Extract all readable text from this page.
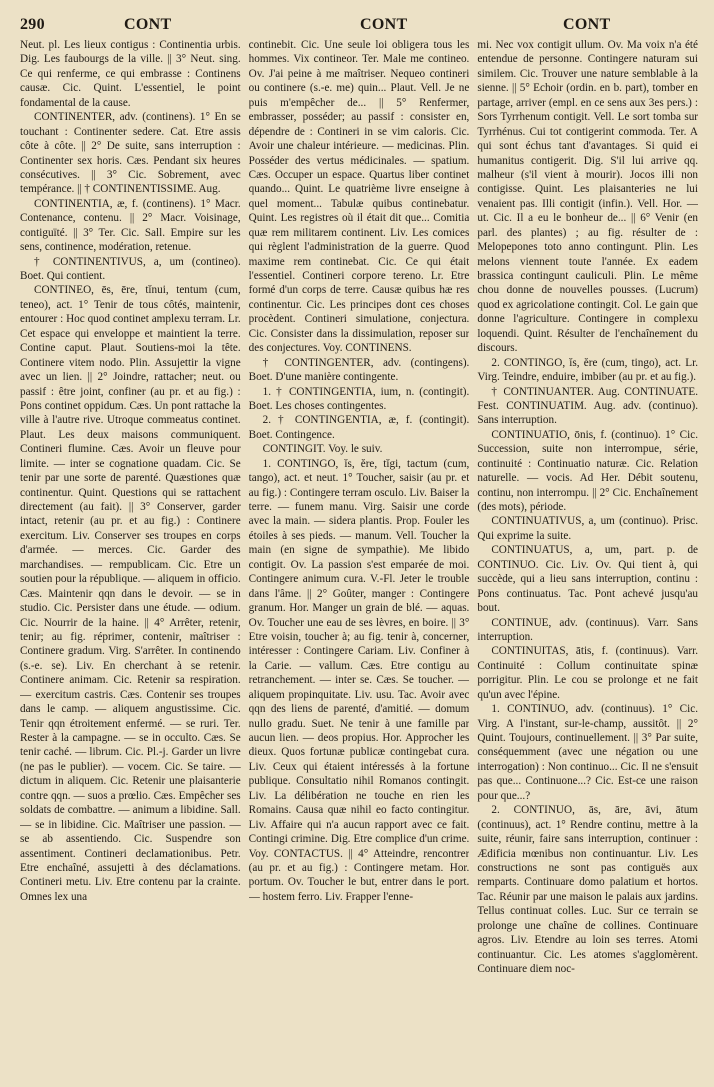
290	CONT	CONT	CONT

Neut. pl. Les lieux contigus : Continentia urbis. Dig. Les faubourgs de la ville. || 3° Neut. sing. Ce qui renferme, ce qui embrasse : Continens causæ. Cic. Quint. L'essentiel, le point fondamental de la cause.

CONTINENTER, adv. (continens). 1° En se touchant : Continenter sedere. Cat. Etre assis côte à côte. || 2° De suite, sans interruption : Continenter sex horis. Cæs. Pendant six heures consécutives. || 3° Cic. Sobrement, avec tempérance. || † CONTINENTISSIME. Aug.

CONTINENTIA, æ, f. (continens). 1° Macr. Contenance, contenu. || 2° Macr. Voisinage, contiguïté. || 3° Ter. Cic. Sall. Empire sur les sens, continence, modération, retenue.

† CONTINENTIVUS, a, um (contineo). Boet. Qui contient.

CONTINEO, ēs, ēre, tĭnui, tentum (cum, teneo), act. 1° Tenir de tous côtés, maintenir, entourer : Hoc quod continet amplexu terram. Lr. Cet espace qui enveloppe et maintient la terre. Contine caput. Plaut. Soutiens-moi la tête. Continere vitem nodo. Plin. Assujettir la vigne avec un lien. || 2° Joindre, rattacher; neut. ou passif : être joint, confiner (au pr. et au fig.) : Pons continet oppidum. Cæs. Un pont rattache la ville à l'autre rive. Utroque commeatus continet. Plaut. Les deux maisons communiquent. Contineri flumine. Cæs. Avoir un fleuve pour limite. — inter se cognatione quadam. Cic. Se tenir par une sorte de parenté. Quæstiones quæ continentur. Quint. Questions qui se rattachent directement (au fait). || 3° Conserver, garder intact, retenir (au pr. et au fig.) : Continere exercitum. Liv. Conserver ses troupes en corps d'armée. — merces. Cic. Garder des marchandises. — rempublicam. Cic. Etre un soutien pour la république. — aliquem in officio. Cæs. Maintenir qqn dans le devoir. — se in studio. Cic. Persister dans une étude. — odium. Cic. Nourrir de la haine. || 4° Arrêter, retenir, tenir; au fig. réprimer, contenir, maîtriser : Continere gradum. Virg. S'arrêter. In continendo (s.-e. se). Liv. En cherchant à se retenir. Continere animam. Cic. Retenir sa respiration. — exercitum castris. Cæs. Contenir ses troupes dans le camp. — aliquem angustissime. Cic. Tenir qqn étroitement enfermé. — se ruri. Ter. Rester à la campagne. — se in occulto. Cæs. Se tenir caché. — librum. Cic. Pl.-j. Garder un livre (ne pas le publier). — vocem. Cic. Se taire. — dictum in aliquem. Cic. Retenir une plaisanterie contre qqn. — suos a prœlio. Cæs. Empêcher ses soldats de combattre. — animum a libidine. Sall. — se in libidine. Cic. Maîtriser une passion. — se ab assentiendo. Cic. Suspendre son assentiment. Contineri declamationibus. Petr. Etre enchaîné, assujetti à des déclamations. Contineri metu. Liv. Etre contenu par la crainte. Omnes lex una

continebit. Cic. Une seule loi obligera tous les hommes. Vix contineor. Ter. Male me contineo. Ov. J'ai peine à me maîtriser. Nequeo contineri ou continere (s.-e. me) quin... Plaut. Vell. Je ne puis m'empêcher de... || 5° Renfermer, embrasser, posséder; au passif : consister en, dépendre de : Contineri in se vim caloris. Cic. Avoir une chaleur intérieure. — medicinas. Plin. Posséder des vertus médicinales. — spatium. Cæs. Occuper un espace. Quartus liber continet quando... Quint. Le quatrième livre enseigne à quel moment... Tabulæ quibus continebatur. Quint. Les registres où il était dit que... Comitia quæ rem militarem continent. Liv. Les comices qui règlent l'administration de la guerre. Quod maxime rem continebat. Cic. Ce qui était l'essentiel. Contineri corpore tereno. Lr. Etre formé d'un corps de terre. Causæ quibus hæ res continentur. Cic. Les principes dont ces choses procèdent. Contineri simulatione, conjectura. Cic. Consister dans la dissimulation, reposer sur des conjectures. Voy. CONTINENS.

† CONTINGENTER, adv. (contingens). Boet. D'une manière contingente.

1. † CONTINGENTIA, ium, n. (contingit). Boet. Les choses contingentes.

2. † CONTINGENTIA, æ, f. (contingit). Boet. Contingence.

CONTINGIT. Voy. le suiv.

1. CONTINGO, ĭs, ĕre, tĭgi, tactum (cum, tango), act. et neut. 1° Toucher, saisir (au pr. et au fig.) : Contingere terram osculo. Liv. Baiser la terre. — funem manu. Virg. Saisir une corde avec la main. — sidera plantis. Prop. Fouler les étoiles à ses pieds. — manum. Vell. Toucher la main (en signe de sympathie). Me libido contigit. Ov. La passion s'est emparée de moi. Contingere animum cura. V.-Fl. Jeter le trouble dans l'âme. || 2° Goûter, manger : Contingere granum. Hor. Manger un grain de blé. — aquas. Ov. Toucher une eau de ses lèvres, en boire. || 3° Etre voisin, toucher à; au fig. tenir à, concerner, intéresser : Contingere Cariam. Liv. Confiner à la Carie. — vallum. Cæs. Etre contigu au retranchement. — inter se. Cæs. Se toucher. — aliquem propinquitate. Liv. usu. Tac. Avoir avec qqn des liens de parenté, d'amitié. — domum nullo gradu. Suet. Ne tenir à une famille par aucun lien. — deos propius. Hor. Approcher les dieux. Quos fortunæ publicæ contingebat cura. Liv. Ceux qui étaient intéressés à la fortune publique. Consultatio nihil Romanos contingit. Liv. La délibération ne touche en rien les Romains. Causa quæ nihil eo facto contingitur. Liv. Affaire qui n'a aucun rapport avec ce fait. Contingi crimine. Dig. Etre complice d'un crime. Voy. CONTACTUS. || 4° Atteindre, rencontrer (au pr. et au fig.) : Contingere metam. Hor. portum. Ov. Toucher le but, entrer dans le port. — hostem ferro. Liv. Frapper l'enne-

mi. Nec vox contigit ullum. Ov. Ma voix n'a été entendue de personne. Contingere naturam sui similem. Cic. Trouver une nature semblable à la sienne. || 5° Echoir (ordin. en b. part), tomber en partage, arriver (empl. en ce sens aux 3es pers.) : Sors Tyrrhenum contigit. Vell. Le sort tomba sur Tyrrhénus. Cui tot contigerint commoda. Ter. A qui sont échus tant d'avantages. Si quid ei humanitus contigerit. Dig. S'il lui arrive qq. malheur (s'il vient à mourir). Jocos illi non contigisse. Quint. Les plaisanteries ne lui venaient pas. Illi contigit (infin.). Vell. Hor. — ut. Cic. Il a eu le bonheur de... || 6° Venir (en parl. des plantes) ; au fig. résulter de : Melopepones toto anno contingunt. Plin. Les melons viennent toute l'année. Ex eadem brassica contingunt cauliculi. Plin. Le même chou donne de nouvelles pousses. (Lucrum) quod ex agricolatione contingit. Col. Le gain que donne l'agriculture. Contingere in complexu loquendi. Quint. Résulter de l'enchaînement du discours.

2. CONTINGO, ĭs, ĕre (cum, tingo), act. Lr. Virg. Teindre, enduire, imbiber (au pr. et au fig.).

† CONTINUANTER. Aug. CONTINUATE. Fest. CONTINUATIM. Aug. adv. (continuo). Sans interruption.

CONTINUATIO, ōnis, f. (continuo). 1° Cic. Succession, suite non interrompue, série, continuité : Continuatio naturæ. Cic. Relation naturelle. — vocis. Ad Her. Débit soutenu, continu, non interrompu. || 2° Cic. Enchaînement (des mots), période.

CONTINUATIVUS, a, um (continuo). Prisc. Qui exprime la suite.

CONTINUATUS, a, um, part. p. de CONTINUO. Cic. Liv. Ov. Qui tient à, qui succède, qui a lieu sans interruption, continu : Pons continuatus. Tac. Pont achevé jusqu'au bout.

CONTINUE, adv. (continuus). Varr. Sans interruption.

CONTINUITAS, ātis, f. (continuus). Varr. Continuité : Collum continuitate spinæ porrigitur. Plin. Le cou se prolonge et ne fait qu'un avec l'épine.

1. CONTINUO, adv. (continuus). 1° Cic. Virg. A l'instant, sur-le-champ, aussitôt. || 2° Quint. Toujours, continuellement. || 3° Par suite, conséquemment (avec une négation ou une interrogation) : Non continuo... Cic. Il ne s'ensuit pas que... Continuone...? Cic. Est-ce une raison pour que...?

2. CONTINUO, ās, āre, āvi, ātum (continuus), act. 1° Rendre continu, mettre à la suite, réunir, faire sans interruption, continuer : Ædificia mœnibus non continuantur. Liv. Les constructions ne sont pas contiguës aux remparts. Continuare domo palatium et hortos. Tac. Réunir par une maison le palais aux jardins. Tellus continuat colles. Luc. Sur ce terrain se prolonge une chaîne de collines. Continuare agros. Liv. Etendre au loin ses terres. Atomi continuantur. Cic. Les atomes s'agglomèrent. Continuare diem noc-
